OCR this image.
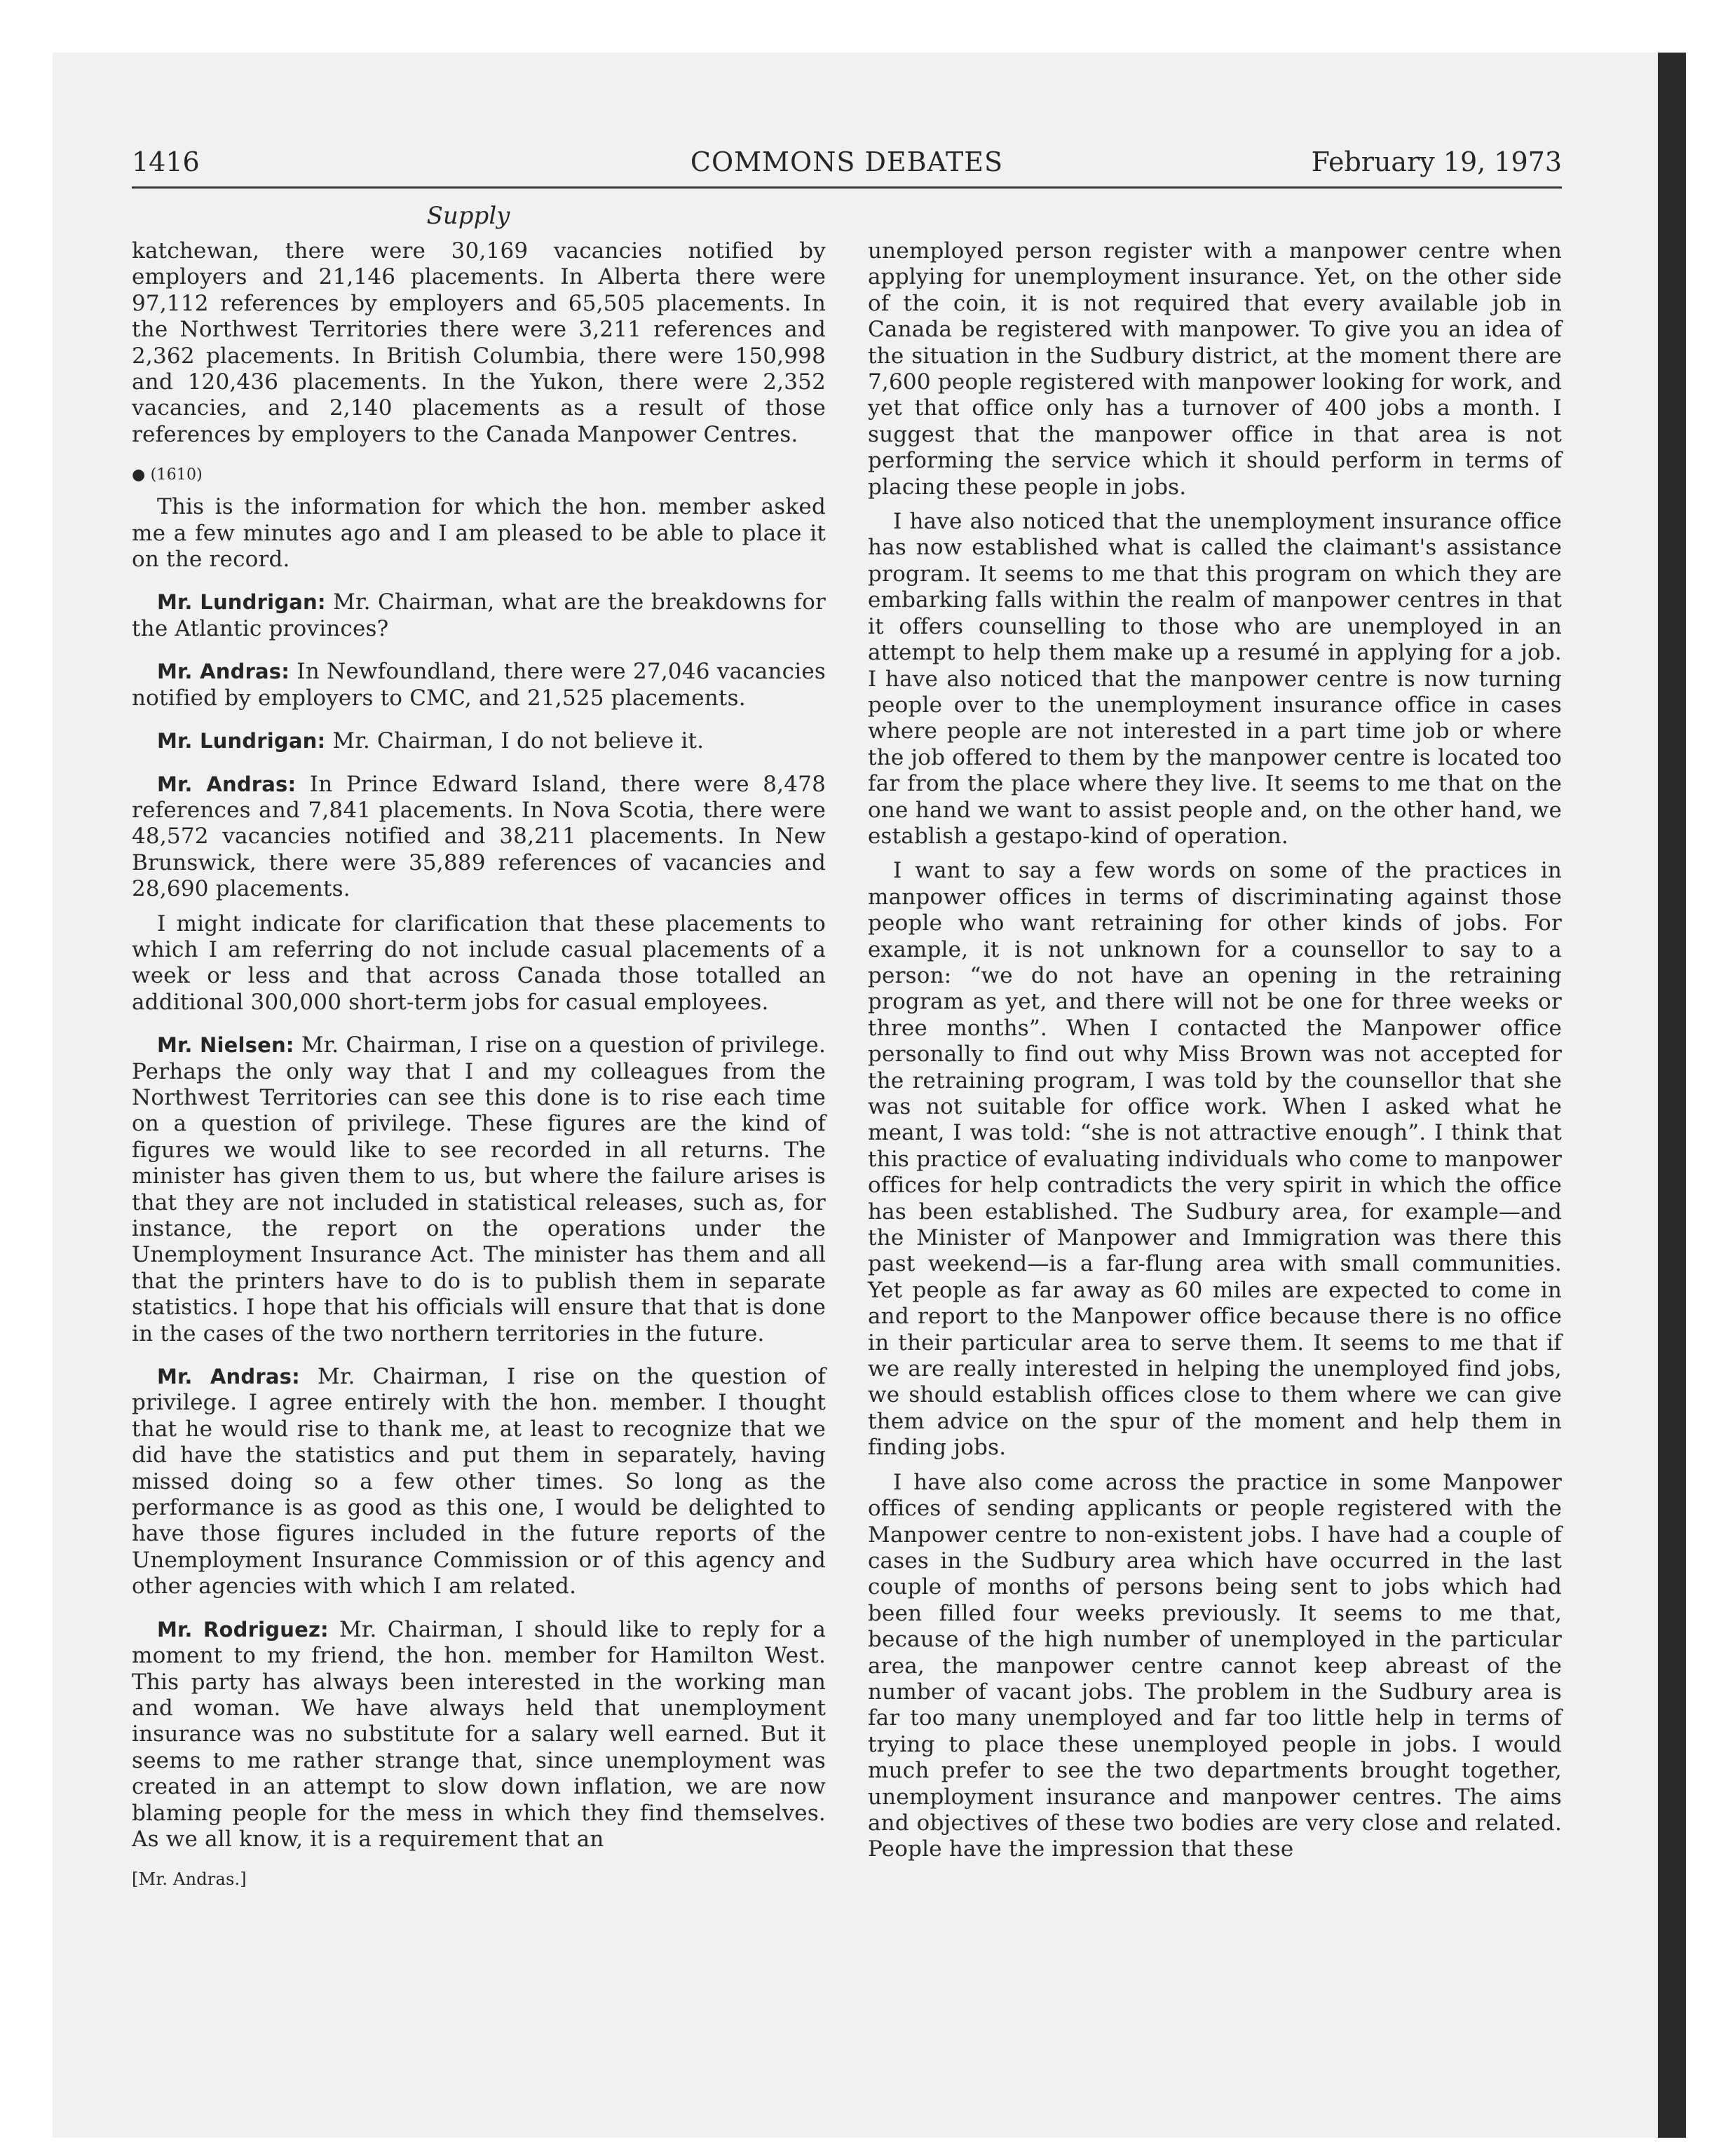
1416	COMMONS DEBATES	February 19, 1973
Supply

katchewan, there were 30,169 vacancies notified by employers and 21,146 placements. In Alberta there were 97,112 references by employers and 65,505 placements. In the Northwest Territories there were 3,211 references and 2,362 placements. In British Columbia, there were 150,998 and 120,436 placements. In the Yukon, there were 2,352 vacancies, and 2,140 placements as a result of those references by employers to the Canada Manpower Centres.

● (1610)

This is the information for which the hon. member asked me a few minutes ago and I am pleased to be able to place it on the record.

Mr. Lundrigan: Mr. Chairman, what are the breakdowns for the Atlantic provinces?

Mr. Andras: In Newfoundland, there were 27,046 vacancies notified by employers to CMC, and 21,525 placements.

Mr. Lundrigan: Mr. Chairman, I do not believe it.

Mr. Andras: In Prince Edward Island, there were 8,478 references and 7,841 placements. In Nova Scotia, there were 48,572 vacancies notified and 38,211 placements. In New Brunswick, there were 35,889 references of vacancies and 28,690 placements.

I might indicate for clarification that these placements to which I am referring do not include casual placements of a week or less and that across Canada those totalled an additional 300,000 short-term jobs for casual employees.

Mr. Nielsen: Mr. Chairman, I rise on a question of privilege. Perhaps the only way that I and my colleagues from the Northwest Territories can see this done is to rise each time on a question of privilege. These figures are the kind of figures we would like to see recorded in all returns. The minister has given them to us, but where the failure arises is that they are not included in statistical releases, such as, for instance, the report on the operations under the Unemployment Insurance Act. The minister has them and all that the printers have to do is to publish them in separate statistics. I hope that his officials will ensure that that is done in the cases of the two northern territories in the future.

Mr. Andras: Mr. Chairman, I rise on the question of privilege. I agree entirely with the hon. member. I thought that he would rise to thank me, at least to recognize that we did have the statistics and put them in separately, having missed doing so a few other times. So long as the performance is as good as this one, I would be delighted to have those figures included in the future reports of the Unemployment Insurance Commission or of this agency and other agencies with which I am related.

Mr. Rodriguez: Mr. Chairman, I should like to reply for a moment to my friend, the hon. member for Hamilton West. This party has always been interested in the working man and woman. We have always held that unemployment insurance was no substitute for a salary well earned. But it seems to me rather strange that, since unemployment was created in an attempt to slow down inflation, we are now blaming people for the mess in which they find themselves. As we all know, it is a requirement that an

[Mr. Andras.]

unemployed person register with a manpower centre when applying for unemployment insurance. Yet, on the other side of the coin, it is not required that every available job in Canada be registered with manpower. To give you an idea of the situation in the Sudbury district, at the moment there are 7,600 people registered with manpower looking for work, and yet that office only has a turnover of 400 jobs a month. I suggest that the manpower office in that area is not performing the service which it should perform in terms of placing these people in jobs.

I have also noticed that the unemployment insurance office has now established what is called the claimant's assistance program. It seems to me that this program on which they are embarking falls within the realm of manpower centres in that it offers counselling to those who are unemployed in an attempt to help them make up a resumé in applying for a job. I have also noticed that the manpower centre is now turning people over to the unemployment insurance office in cases where people are not interested in a part time job or where the job offered to them by the manpower centre is located too far from the place where they live. It seems to me that on the one hand we want to assist people and, on the other hand, we establish a gestapo-kind of operation.

I want to say a few words on some of the practices in manpower offices in terms of discriminating against those people who want retraining for other kinds of jobs. For example, it is not unknown for a counsellor to say to a person: “we do not have an opening in the retraining program as yet, and there will not be one for three weeks or three months”. When I contacted the Manpower office personally to find out why Miss Brown was not accepted for the retraining program, I was told by the counsellor that she was not suitable for office work. When I asked what he meant, I was told: “she is not attractive enough”. I think that this practice of evaluating individuals who come to manpower offices for help contradicts the very spirit in which the office has been established. The Sudbury area, for example—and the Minister of Manpower and Immigration was there this past weekend—is a far-flung area with small communities. Yet people as far away as 60 miles are expected to come in and report to the Manpower office because there is no office in their particular area to serve them. It seems to me that if we are really interested in helping the unemployed find jobs, we should establish offices close to them where we can give them advice on the spur of the moment and help them in finding jobs.

I have also come across the practice in some Manpower offices of sending applicants or people registered with the Manpower centre to non-existent jobs. I have had a couple of cases in the Sudbury area which have occurred in the last couple of months of persons being sent to jobs which had been filled four weeks previously. It seems to me that, because of the high number of unemployed in the particular area, the manpower centre cannot keep abreast of the number of vacant jobs. The problem in the Sudbury area is far too many unemployed and far too little help in terms of trying to place these unemployed people in jobs. I would much prefer to see the two departments brought together, unemployment insurance and manpower centres. The aims and objectives of these two bodies are very close and related. People have the impression that these
